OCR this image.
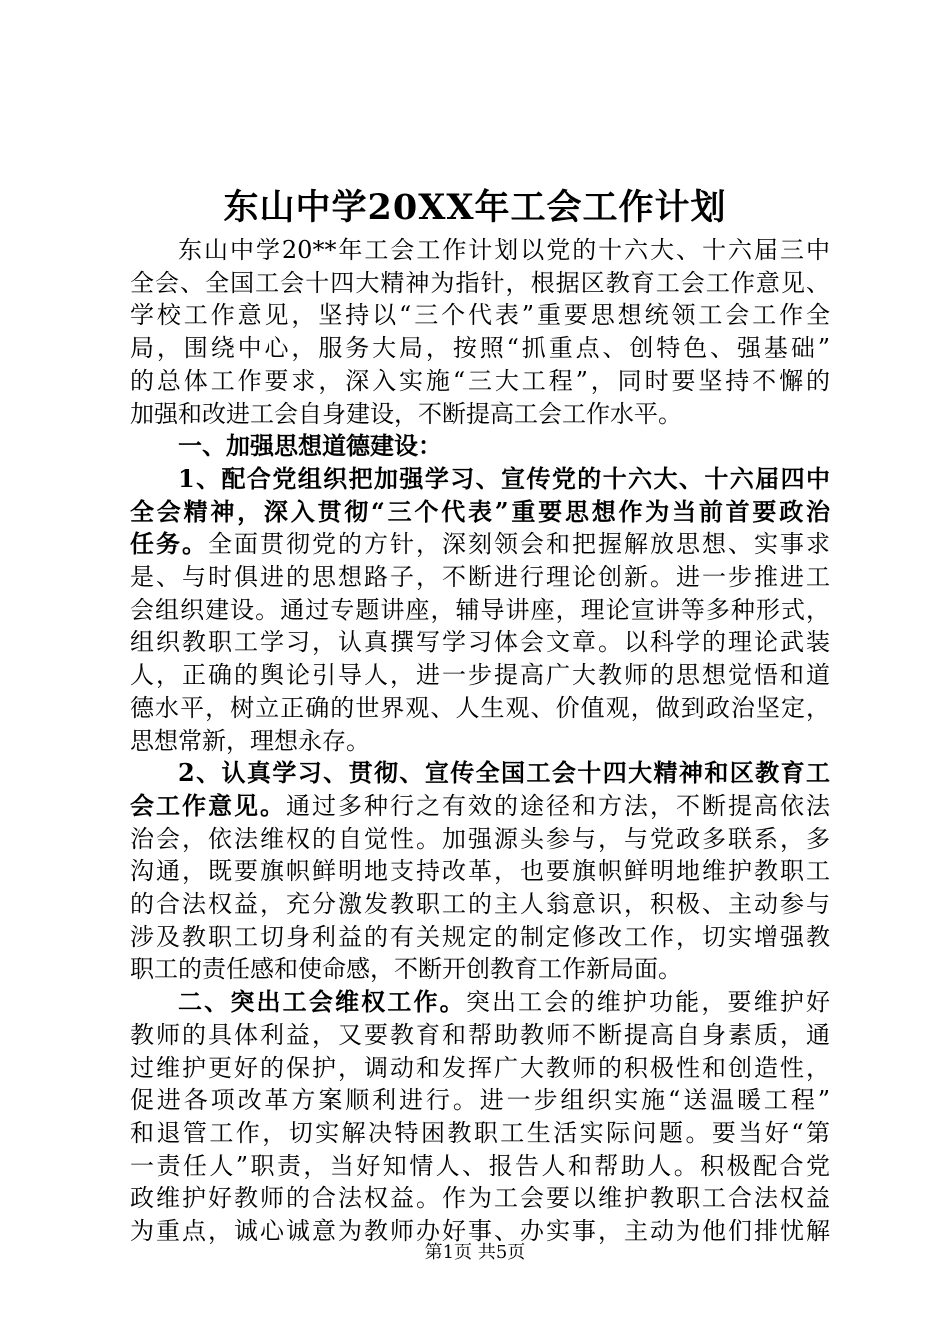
东山中学20XX年工会工作计划
东山中学20**年工会工作计划以党的十六大、十六届三中
全会、全国工会十四大精神为指针，根据区教育工会工作意见、
学校工作意见，坚持以“三个代表”重要思想统领工会工作全
局，围绕中心，服务大局，按照“抓重点、创特色、强基础”
的总体工作要求，深入实施“三大工程”，同时要坚持不懈的
加强和改进工会自身建设，不断提高工会工作水平。
一、加强思想道德建设：
1、配合党组织把加强学习、宣传党的十六大、十六届四中
全会精神，深入贯彻“三个代表”重要思想作为当前首要政治
任务。全面贯彻党的方针，深刻领会和把握解放思想、实事求
是、与时俱进的思想路子，不断进行理论创新。进一步推进工
会组织建设。通过专题讲座，辅导讲座，理论宣讲等多种形式，
组织教职工学习，认真撰写学习体会文章。以科学的理论武装
人，正确的舆论引导人，进一步提高广大教师的思想觉悟和道
德水平，树立正确的世界观、人生观、价值观，做到政治坚定，
思想常新，理想永存。
2、认真学习、贯彻、宣传全国工会十四大精神和区教育工
会工作意见。通过多种行之有效的途径和方法，不断提高依法
治会，依法维权的自觉性。加强源头参与，与党政多联系，多
沟通，既要旗帜鲜明地支持改革，也要旗帜鲜明地维护教职工
的合法权益，充分激发教职工的主人翁意识，积极、主动参与
涉及教职工切身利益的有关规定的制定修改工作，切实增强教
职工的责任感和使命感，不断开创教育工作新局面。
二、突出工会维权工作。突出工会的维护功能，要维护好
教师的具体利益，又要教育和帮助教师不断提高自身素质，通
过维护更好的保护，调动和发挥广大教师的积极性和创造性，
促进各项改革方案顺利进行。进一步组织实施“送温暖工程”
和退管工作，切实解决特困教职工生活实际问题。要当好“第
一责任人”职责，当好知情人、报告人和帮助人。积极配合党
政维护好教师的合法权益。作为工会要以维护教职工合法权益
为重点，诚心诚意为教师办好事、办实事，主动为他们排忧解
第1页 共5页
